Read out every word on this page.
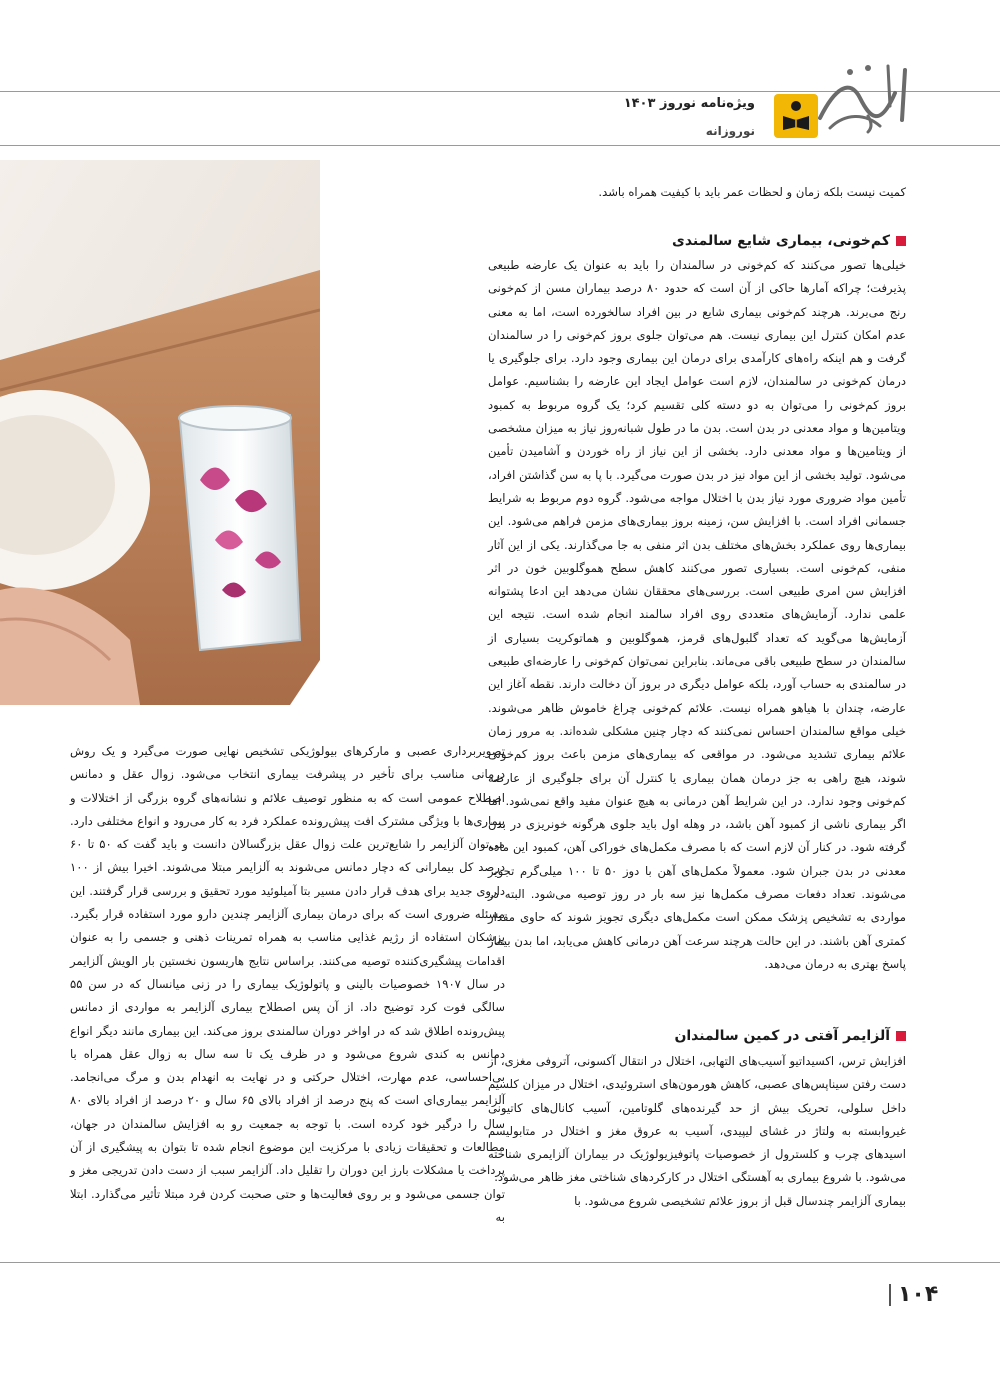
ویژه‌نامه نوروز ۱۴۰۳
نوروزانه

کمیت نیست بلکه زمان و لحظات عمر باید با کیفیت همراه باشد.

کم‌خونی، بیماری شایع سالمندی

خیلی‌ها تصور می‌کنند که کم‌خونی در سالمندان را باید به عنوان یک عارضه طبیعی پذیرفت؛ چراکه آمارها حاکی از آن است که حدود ۸۰ درصد بیماران مسن از کم‌خونی رنج می‌برند. هرچند کم‌خونی بیماری شایع در بین افراد سالخورده است، اما به معنی عدم امکان کنترل این بیماری نیست. هم می‌توان جلوی بروز کم‌خونی را در سالمندان گرفت و هم اینکه راه‌های کارآمدی برای درمان این بیماری وجود دارد. برای جلوگیری یا درمان کم‌خونی در سالمندان، لازم است عوامل ایجاد این عارضه را بشناسیم. عوامل بروز کم‌خونی را می‌توان به دو دسته کلی تقسیم کرد؛ یک گروه مربوط به کمبود ویتامین‌ها و مواد معدنی در بدن است. بدن ما در طول شبانه‌روز نیاز به میزان مشخصی از ویتامین‌ها و مواد معدنی دارد. بخشی از این نیاز از راه خوردن و آشامیدن تأمین می‌شود. تولید بخشی از این مواد نیز در بدن صورت می‌گیرد. با پا به سن گذاشتن افراد، تأمین مواد ضروری مورد نیاز بدن با اختلال مواجه می‌شود. گروه دوم مربوط به شرایط جسمانی افراد است. با افزایش سن، زمینه بروز بیماری‌های مزمن فراهم می‌شود. این بیماری‌ها روی عملکرد بخش‌های مختلف بدن اثر منفی به جا می‌گذارند. یکی از این آثار منفی، کم‌خونی است. بسیاری تصور می‌کنند کاهش سطح هموگلوبین خون در اثر افزایش سن امری طبیعی است. بررسی‌های محققان نشان می‌دهد این ادعا پشتوانه علمی ندارد. آزمایش‌های متعددی روی افراد سالمند انجام شده است. نتیجه این آزمایش‌ها می‌گوید که تعداد گلبول‌های قرمز، هموگلوبین و هماتوکریت بسیاری از سالمندان در سطح طبیعی باقی می‌ماند. بنابراین نمی‌توان کم‌خونی را عارضه‌ای طبیعی در سالمندی به حساب آورد، بلکه عوامل دیگری در بروز آن دخالت دارند. نقطه آغاز این عارضه، چندان با هیاهو همراه نیست. علائم کم‌خونی چراغ خاموش ظاهر می‌شوند. خیلی مواقع سالمندان احساس نمی‌کنند که دچار چنین مشکلی شده‌اند. به مرور زمان علائم بیماری تشدید می‌شود. در مواقعی که بیماری‌های مزمن باعث بروز کم‌خونی شوند، هیچ راهی به جز درمان همان بیماری یا کنترل آن برای جلوگیری از عارضه کم‌خونی وجود ندارد. در این شرایط آهن درمانی به هیچ عنوان مفید واقع نمی‌شود. اما اگر بیماری ناشی از کمبود آهن باشد، در وهله اول باید جلوی هرگونه خونریزی در بدن گرفته شود. در کنار آن لازم است که با مصرف مکمل‌های خوراکی آهن، کمبود این ماده معدنی در بدن جبران شود. معمولاً مکمل‌های آهن با دوز ۵۰ تا ۱۰۰ میلی‌گرم تجویز می‌شوند. تعداد دفعات مصرف مکمل‌ها نیز سه بار در روز توصیه می‌شود. البته در مواردی به تشخیص پزشک ممکن است مکمل‌های دیگری تجویز شوند که حاوی مقدار کمتری آهن باشند. در این حالت هرچند سرعت آهن درمانی کاهش می‌یابد، اما بدن بیمار پاسخ بهتری به درمان می‌دهد.

آلزایمر آفتی در کمین سالمندان

افزایش ترس، اکسیداتیو آسیب‌های التهابی، اختلال در انتقال آکسونی، آتروفی مغزی، از دست رفتن سیناپس‌های عصبی، کاهش هورمون‌های استروئیدی، اختلال در میزان کلسیم داخل سلولی، تحریک بیش از حد گیرنده‌های گلوتامین، آسیب کانال‌های کاتیونی غیروابسته به ولتاژ در غشای لیپیدی، آسیب به عروق مغز و اختلال در متابولیسم اسیدهای چرب و کلسترول از خصوصیات پاتوفیزیولوژیک در بیماران آلزایمری شناخته می‌شود. با شروع بیماری به آهستگی اختلال در کارکردهای شناختی مغز ظاهر می‌شود.

بیماری آلزایمر چندسال قبل از بروز علائم تشخیصی شروع می‌شود. با

تصویربرداری عصبی و مارکرهای بیولوژیکی تشخیص نهایی صورت می‌گیرد و یک روش درمانی مناسب برای تأخیر در پیشرفت بیماری انتخاب می‌شود. زوال عقل و دمانس اصطلاح عمومی است که به منظور توصیف علائم و نشانه‌های گروه بزرگی از اختلالات و بیماری‌ها با ویژگی مشترک افت پیش‌رونده عملکرد فرد به کار می‌رود و انواع مختلفی دارد. می‌توان آلزایمر را شایع‌ترین علت زوال عقل بزرگسالان دانست و باید گفت که ۵۰ تا ۶۰ درصد کل بیمارانی که دچار دمانس می‌شوند به آلزایمر مبتلا می‌شوند. اخیرا بیش از ۱۰۰ داروی جدید برای هدف قرار دادن مسیر بتا آمیلوئید مورد تحقیق و بررسی قرار گرفتند. این مسئله ضروری است که برای درمان بیماری آلزایمر چندین دارو مورد استفاده قرار بگیرد. پزشکان استفاده از رژیم غذایی مناسب به همراه تمرینات ذهنی و جسمی را به عنوان اقدامات پیشگیری‌کننده توصیه می‌کنند. براساس نتایج هاریسون نخستین بار الویش آلزایمر در سال ۱۹۰۷ خصوصیات بالینی و پاتولوژیک بیماری را در زنی میانسال که در سن ۵۵ سالگی فوت کرد توضیح داد. از آن پس اصطلاح بیماری آلزایمر به مواردی از دمانس پیش‌رونده اطلاق شد که در اواخر دوران سالمندی بروز می‌کند. این بیماری مانند دیگر انواع دمانس به کندی شروع می‌شود و در ظرف یک تا سه سال به زوال عقل همراه با بی‌احساسی، عدم مهارت، اختلال حرکتی و در نهایت به انهدام بدن و مرگ می‌انجامد. آلزایمر بیماری‌ای است که پنج درصد از افراد بالای ۶۵ سال و ۲۰ درصد از افراد بالای ۸۰ سال را درگیر خود کرده است. با توجه به جمعیت رو به افزایش سالمندان در جهان، مطالعات و تحقیقات زیادی با مرکزیت این موضوع انجام شده تا بتوان به پیشگیری از آن پرداخت یا مشکلات بارز این دوران را تقلیل داد. آلزایمر سبب از دست دادن تدریجی مغز و توان جسمی می‌شود و بر روی فعالیت‌ها و حتی صحبت کردن فرد مبتلا تأثیر می‌گذارد. ابتلا به

۱۰۴
